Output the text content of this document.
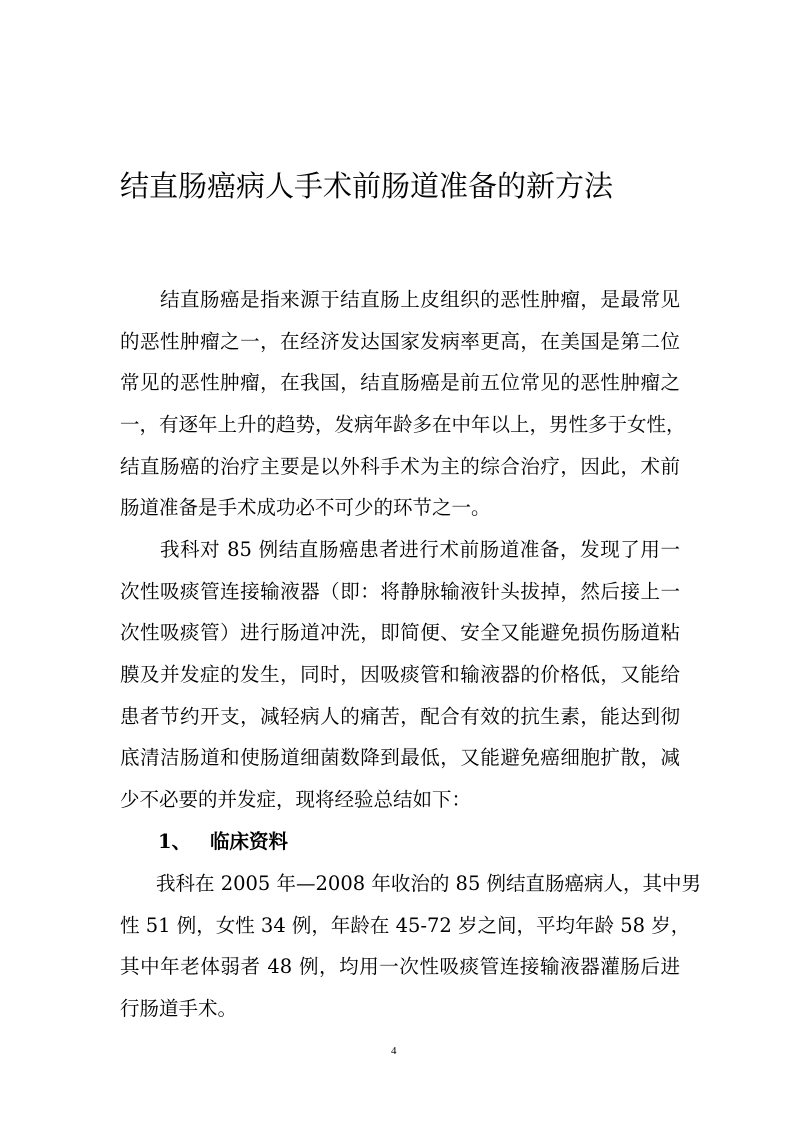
结直肠癌病人手术前肠道准备的新方法
结直肠癌是指来源于结直肠上皮组织的恶性肿瘤，是最常见
的恶性肿瘤之一，在经济发达国家发病率更高，在美国是第二位
常见的恶性肿瘤，在我国，结直肠癌是前五位常见的恶性肿瘤之
一，有逐年上升的趋势，发病年龄多在中年以上，男性多于女性，
结直肠癌的治疗主要是以外科手术为主的综合治疗，因此，术前
肠道准备是手术成功必不可少的环节之一。
我科对 85 例结直肠癌患者进行术前肠道准备，发现了用一
次性吸痰管连接输液器（即：将静脉输液针头拔掉，然后接上一
次性吸痰管）进行肠道冲洗，即简便、安全又能避免损伤肠道粘
膜及并发症的发生，同时，因吸痰管和输液器的价格低，又能给
患者节约开支，减轻病人的痛苦，配合有效的抗生素，能达到彻
底清洁肠道和使肠道细菌数降到最低，又能避免癌细胞扩散，减
少不必要的并发症，现将经验总结如下：
1、 临床资料
我科在 2005 年—2008 年收治的 85 例结直肠癌病人，其中男
性 51 例，女性 34 例，年龄在 45-72 岁之间，平均年龄 58 岁，
其中年老体弱者 48 例，均用一次性吸痰管连接输液器灌肠后进
行肠道手术。
4
